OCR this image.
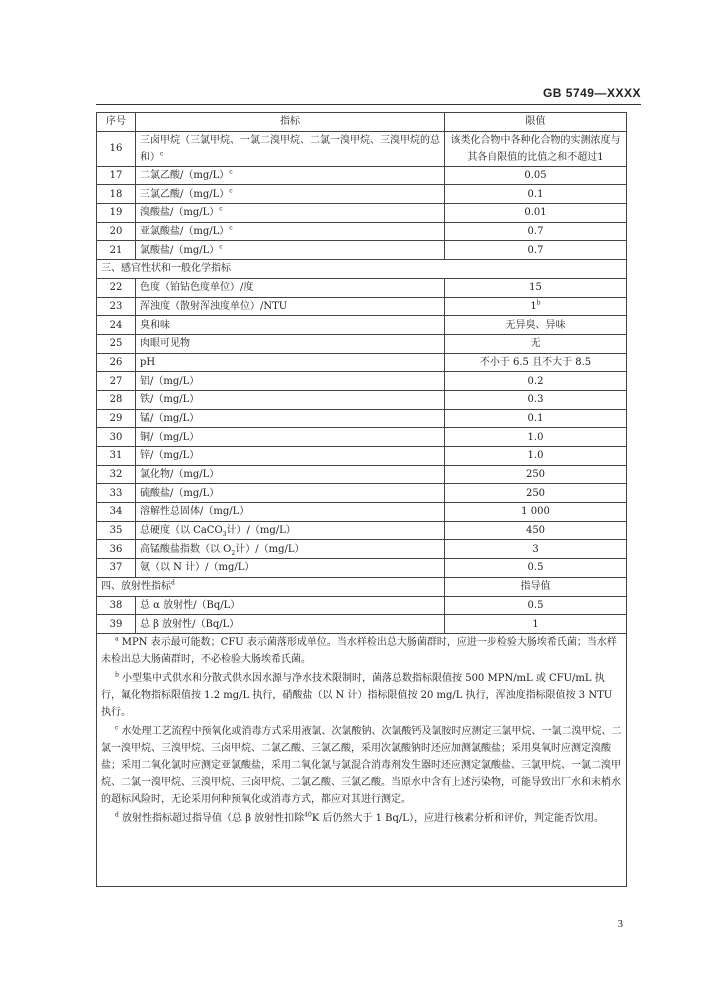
GB 5749—XXXX
序号	指标	限值
16	三卤甲烷（三氯甲烷、一氯二溴甲烷、二氯一溴甲烷、三溴甲烷的总和）$^c$	该类化合物中各种化合物的实测浓度与其各自限值的比值之和不超过1
17	二氯乙酸$/(mg/L)^c$	0.05
18	三氯乙酸$/(mg/L)^c$	0.1
19	溴酸盐$/(mg/L)^c$	0.01
20	亚氯酸盐$/(mg/L)^c$	0.7
21	氯酸盐$/(mg/L)^c$	0.7
三、感官性状和一般化学指标		
22	色度（铂钴色度单位）/度	15
23	浑浊度（散射浑浊度单位）/NTU	1$^b$
24	臭和味	无异臭、异味
25	肉眼可见物	无
26	pH	不小于 6.5 且不大于 8.5
27	铝/（mg/L）	0.2
28	铁/（mg/L）	0.3
29	锰/（mg/L）	0.1
30	铜/（mg/L）	1.0
31	锌/（mg/L）	1.0
32	氯化物/（mg/L）	250
33	硫酸盐/（mg/L）	250
34	溶解性总固体/（mg/L）	1 000
35	总硬度（以 CaCO$_3$计）/（mg/L）	450
36	高锰酸盐指数（以 $O_2$计）/（mg/L）	3
37	氨（以 N 计）/（mg/L）	0.5
四、放射性指标$^d$		指导值
38	总 α 放射性/（Bq/L）	0.5
39	总 β 放射性/（Bq/L）	1

$^a$ MPN 表示最可能数；CFU 表示菌落形成单位。当水样检出总大肠菌群时，应进一步检验大肠埃希氏菌；当水样未检出总大肠菌群时，不必检验大肠埃希氏菌。

$^b$ 小型集中式供水和分散式供水因水源与净水技术限制时，菌落总数指标限值按 500 MPN/mL 或 CFU/mL 执行，氟化物指标限值按 1.2 mg/L 执行，硝酸盐（以 N 计）指标限值按 20 mg/L 执行，浑浊度指标限值按 3 NTU 执行。

$^c$ 水处理工艺流程中预氧化或消毒方式采用液氯、次氯酸钠、次氯酸钙及氯胺时应测定三氯甲烷、一氯二溴甲烷、二氯一溴甲烷、三溴甲烷、三卤甲烷、二氯乙酸、三氯乙酸，采用次氯酸钠时还应加测氯酸盐；采用臭氧时应测定溴酸盐；采用二氧化氯时应测定亚氯酸盐，采用二氧化氯与氯混合消毒剂发生器时还应测定氯酸盐、三氯甲烷、一氯二溴甲烷、二氯一溴甲烷、三溴甲烷、三卤甲烷、二氯乙酸、三氯乙酸。当原水中含有上述污染物，可能导致出厂水和末梢水的超标风险时，无论采用何种预氧化或消毒方式，都应对其进行测定。

$^d$ 放射性指标超过指导值（总 β 放射性扣除$^{40}$K 后仍然大于 1 Bq/L），应进行核素分析和评价，判定能否饮用。		

3
